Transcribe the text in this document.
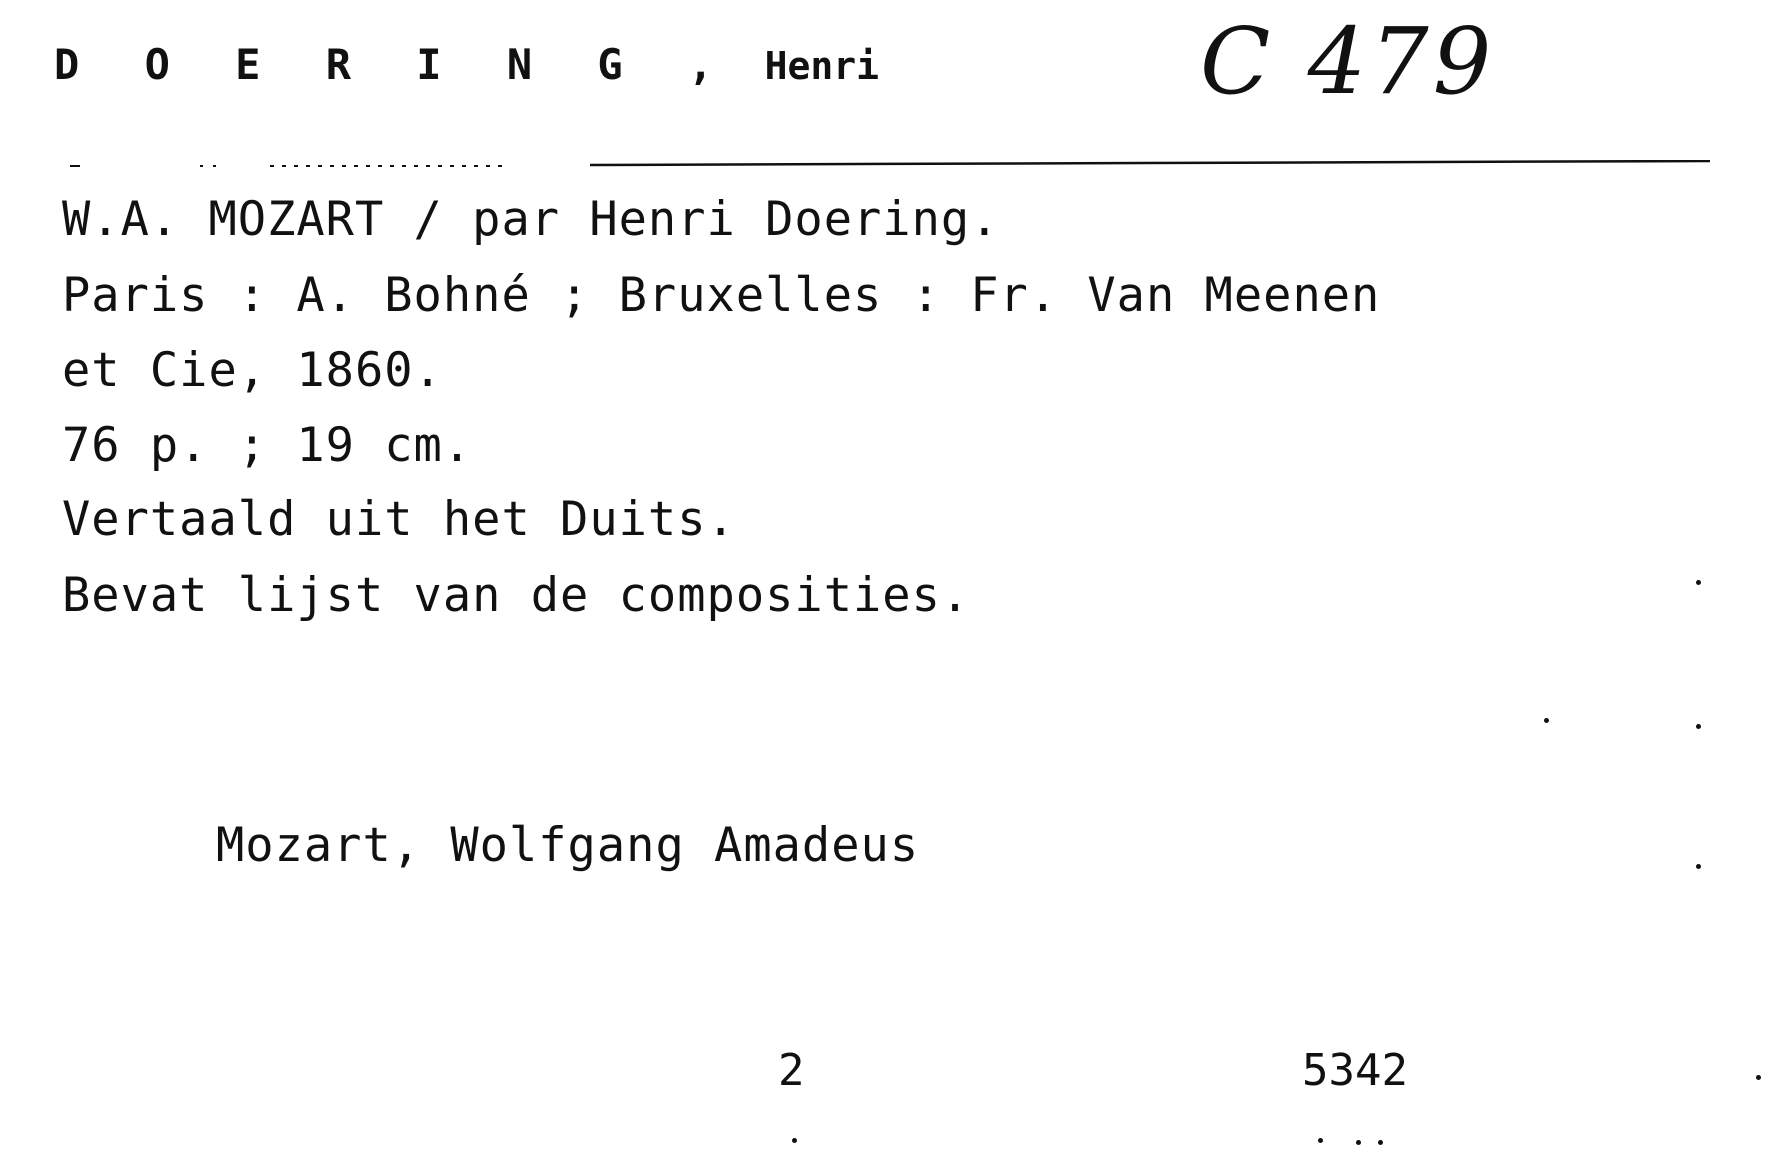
D O E R I N G , Henri	C 479
W.A. MOZART / par Henri Doering.
Paris : A. Bohné ; Bruxelles : Fr. Van Meenen
et Cie, 1860.
76 p. ; 19 cm.
Vertaald uit het Duits.
Bevat lijst van de composities.
Mozart, Wolfgang Amadeus
2	5342
